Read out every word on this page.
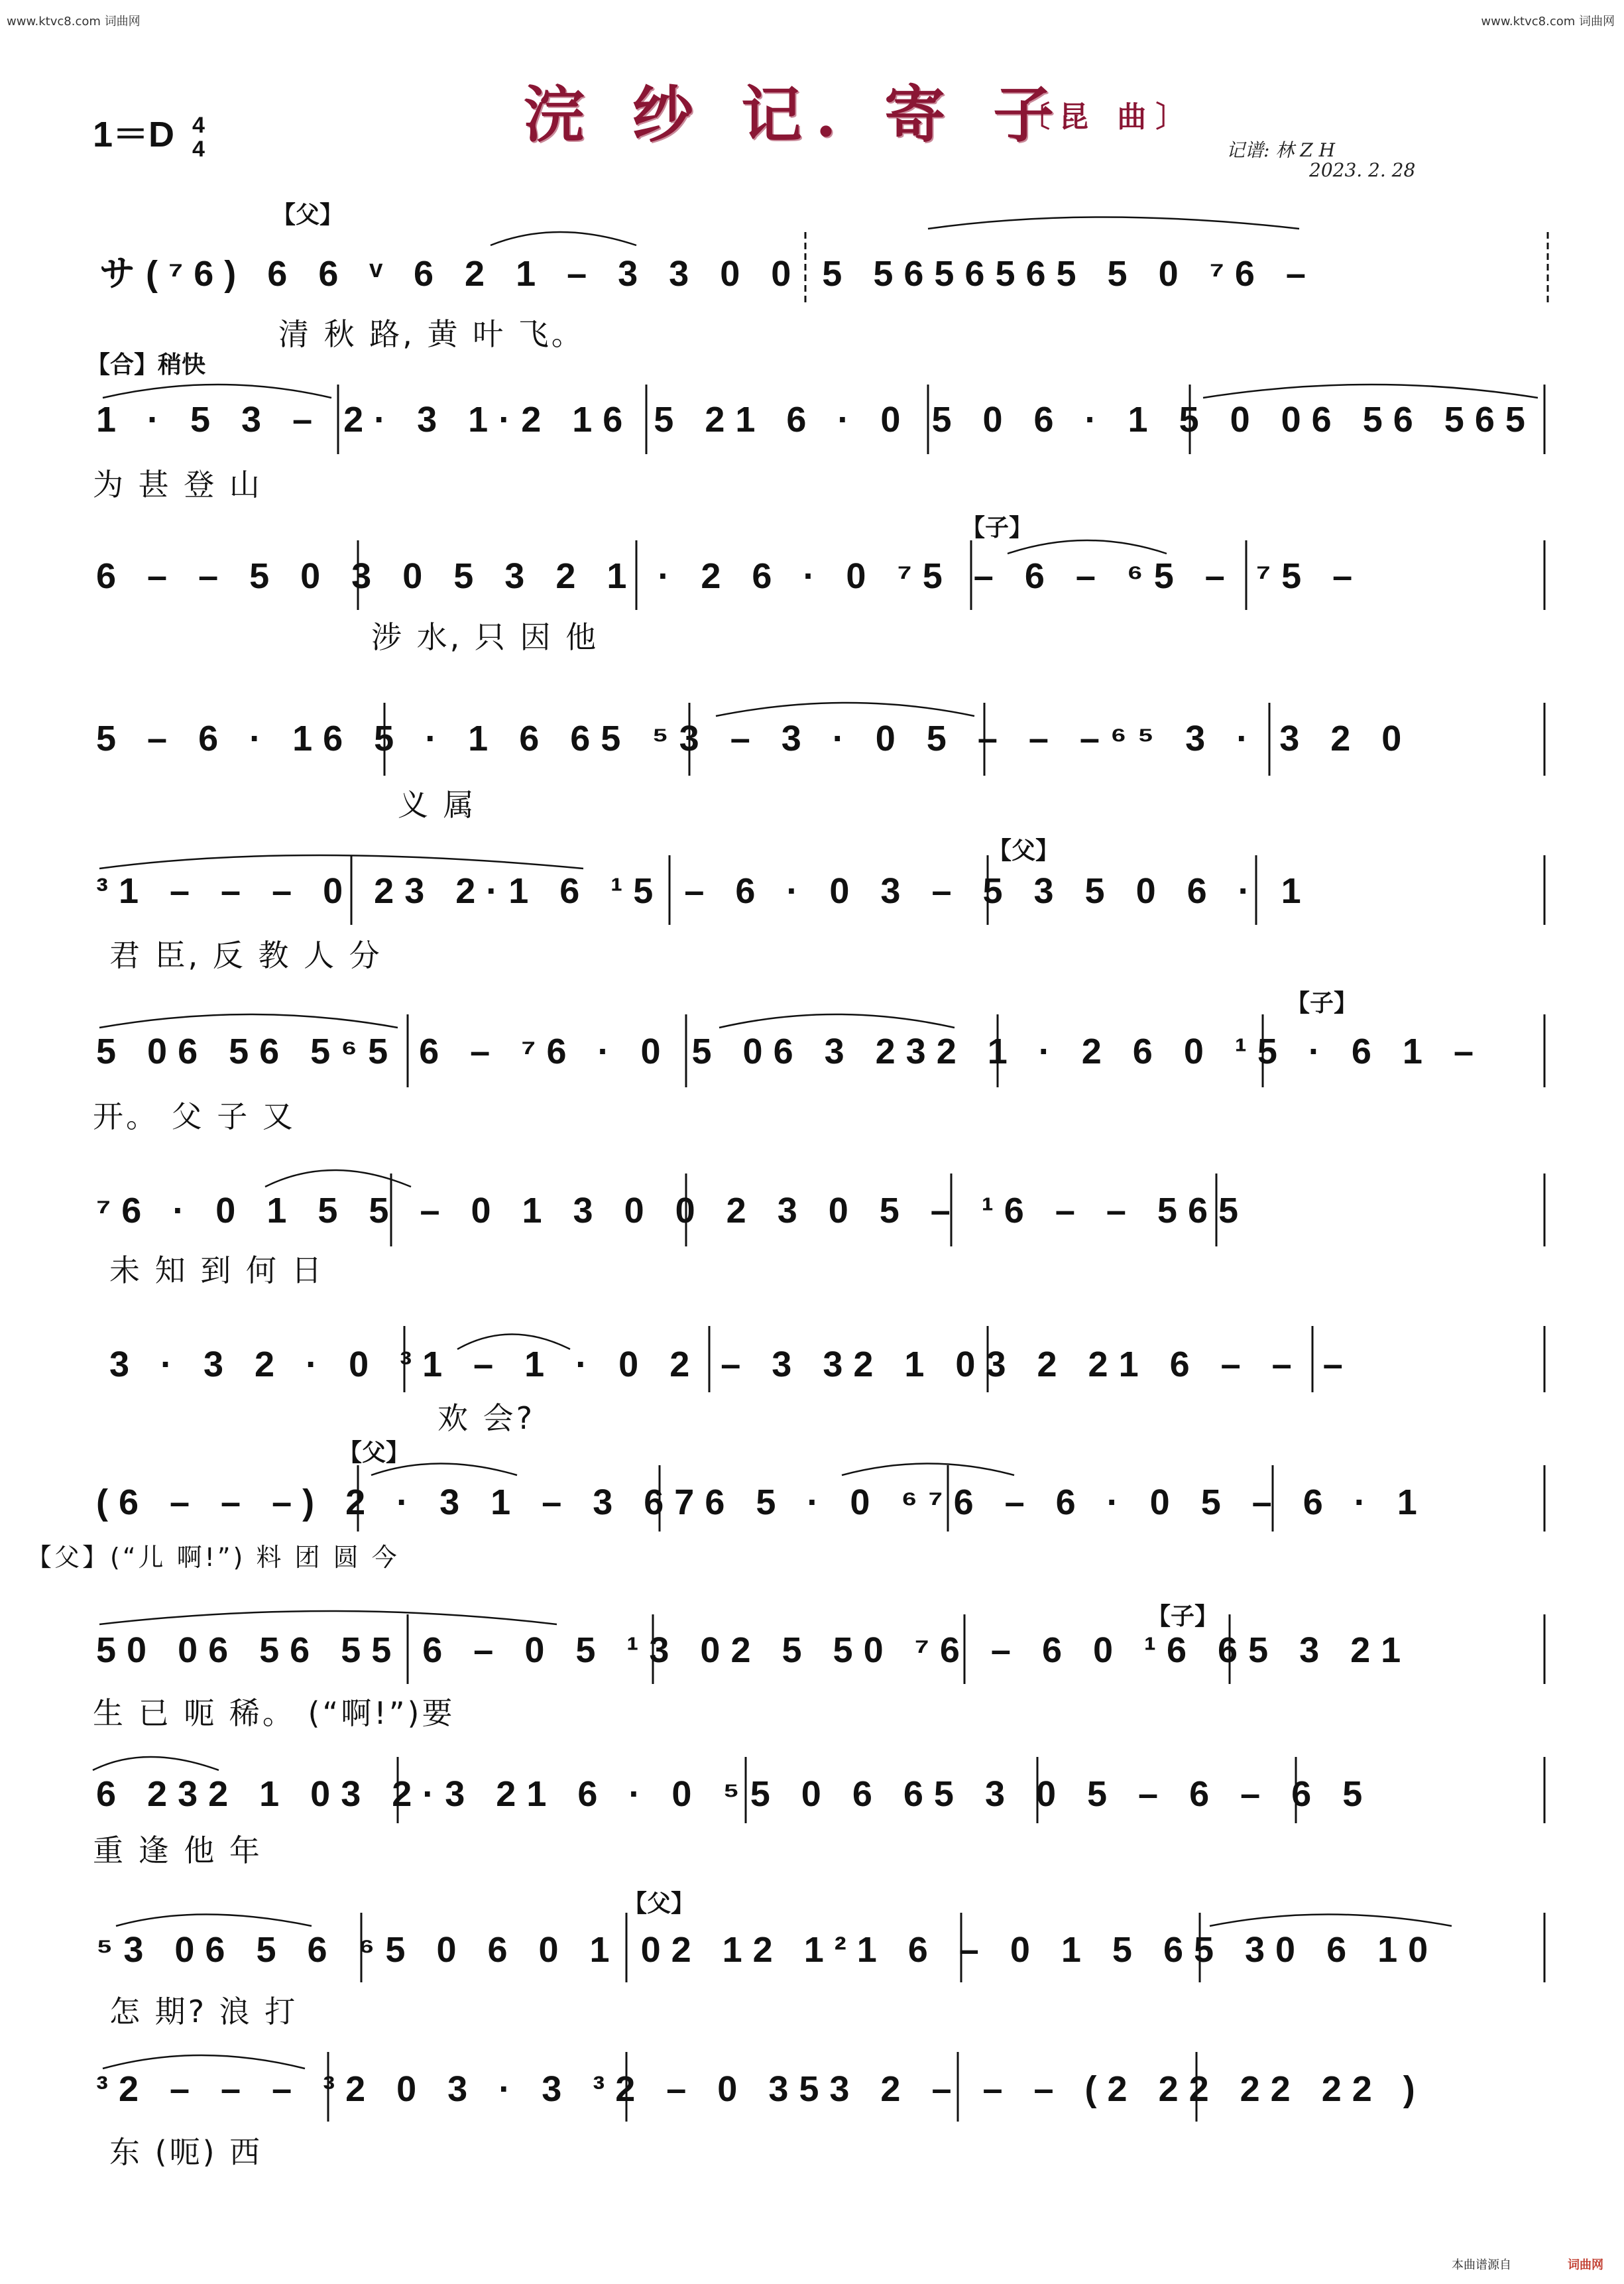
www.ktvc8.com 词曲网	www.ktvc8.com 词曲网
1＝D 4
4	浣 纱 记. 寄 子
〔昆 曲〕
记谱: 林 Z H
2023. 2. 28
【父】
サ(⁷6) 6 6 ᵛ 6 2 1 – 3 3 0 0 5 5656565 5 0 ⁷6 –
清 秋 路, 黄 叶 飞。
【合】稍快
1 · 5 3 – 2· 3 1·2 16 5 21 6 · 0 5 0 6 · 1 5 0 06 56 565
为 甚 登 山
【子】
6 – – 5 0 3 0 5 3 2 1 · 2 6 · 0 ⁷5 – 6 – ⁶5 – ⁷5 –
涉 水, 只 因 他
5 – 6 · 16 5 · 1 6 65 ⁵3 – 3 · 0 5 – – –⁶⁵ 3 · 3 2 0
义 属
【父】
³1 – – – 0 23 2·1 6 ¹5 – 6 · 0 3 – 5 3 5 0 6 · 1
君 臣, 反 教 人 分
【子】
5 06 56 5⁶5 6 – ⁷6 · 0 5 06 3 232 1 · 2 6 0 ¹5 · 6 1 –
开。 父 子 又
⁷6 · 0 1 5 5 – 0 1 3 0 0 2 3 0 5 – ¹6 – – 565
未 知 到 何 日
3 · 3 2 · 0 ³1 – 1 · 0 2 – 3 32 1 03 2 21 6 – – –
欢 会?
【父】
(6 – – –) 2 · 3 1 – 3 676 5 · 0 ⁶⁷6 – 6 · 0 5 – 6 · 1
【父】(“儿 啊!”) 料 团 圆 今
【子】
50 06 56 55 6 – 0 5 ¹3 02 5 50 ⁷6 – 6 0 ¹6 65 3 21
生 已 呃 稀。 (“啊!”)要
6 232 1 03 2·3 21 6 · 0 ⁵5 0 6 65 3 0 5 – 6 – 6 5
重 逢 他 年
【父】
⁵3 06 5 6 ⁶5 0 6 0 1 02 12 1²1 6 – 0 1 5 65 30 6 10
怎 期? 浪 打
³2 – – – ³2 0 3 · 3 ³2 – 0 353 2 – – – (2 22 22 22 )
东 (呃) 西
本曲谱源自	词曲网
